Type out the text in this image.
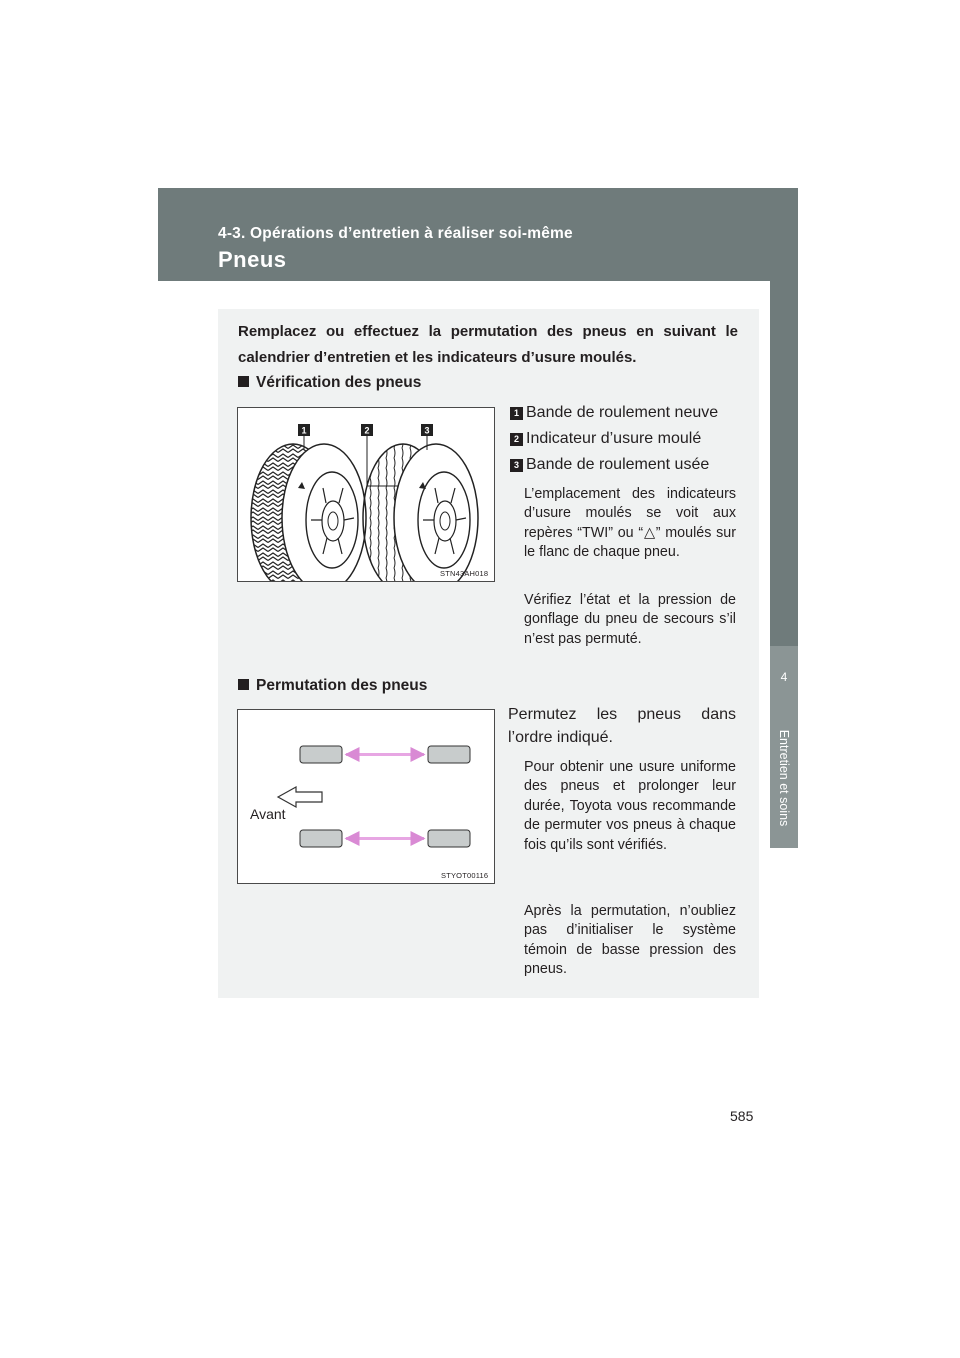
4-3. Opérations d’entretien à réaliser soi-même
Pneus
4
Entretien et soins

Remplacez ou effectuez la permutation des pneus en suivant le calendrier d’entretien et les indicateurs d’usure moulés.

Vérification des pneus
1	2	3
STN43AH018
1 Bande de roulement neuve
2 Indicateur d’usure moulé
3 Bande de roulement usée

L’emplacement des indicateurs d’usure moulés se voit aux repères “TWI” ou “△” moulés sur le flanc de chaque pneu.

Vérifiez l’état et la pression de gonflage du pneu de secours s’il n’est pas permuté.

Permutation des pneus
Avant
STYOT00116

Permutez les pneus dans l’ordre indiqué.

Pour obtenir une usure uniforme des pneus et prolonger leur durée, Toyota vous recommande de permuter vos pneus à chaque fois qu’ils sont vérifiés.

Après la permutation, n’oubliez pas d’initialiser le système témoin de basse pression des pneus.

585
